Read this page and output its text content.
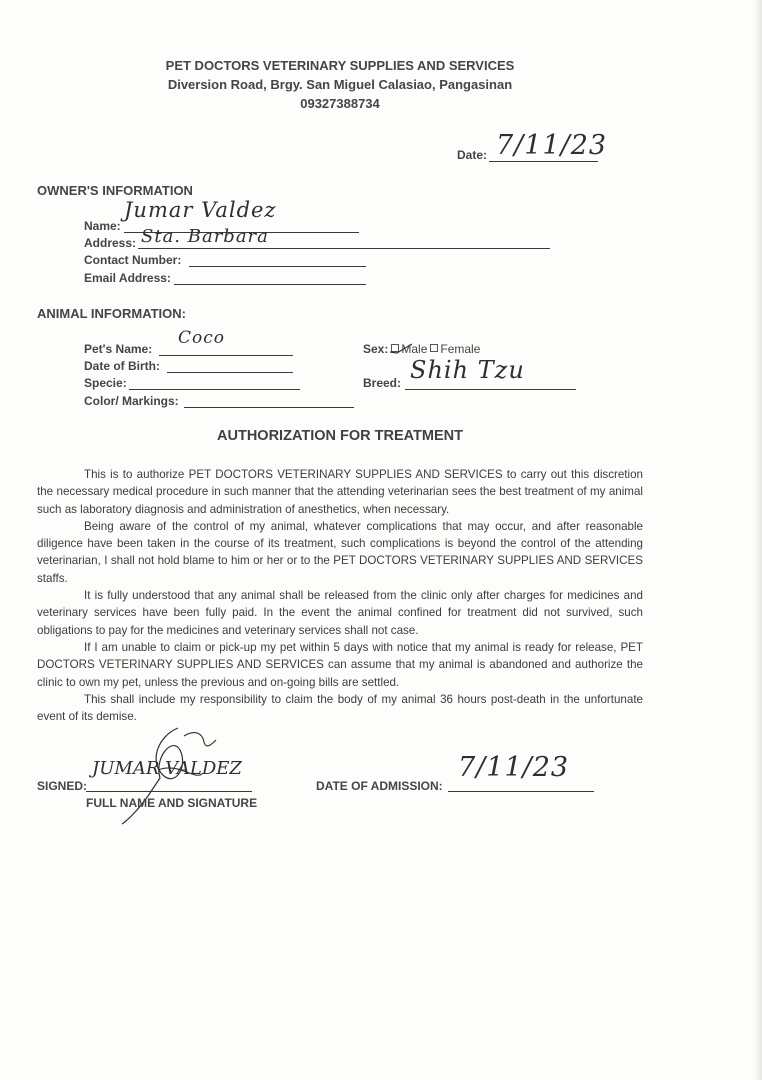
PET DOCTORS VETERINARY SUPPLIES AND SERVICES
Diversion Road, Brgy. San Miguel Calasiao, Pangasinan
09327388734
Date: 7/11/23
OWNER'S INFORMATION
Name:
Jumar Valdez
Address: Sta. Barbara
Contact Number:
Email Address:
ANIMAL INFORMATION:
Pet's Name:
Coco
Date of Birth:
Specie:
Color/ Markings:
Sex: Male Female
Breed: Shih Tzu
AUTHORIZATION FOR TREATMENT

This is to authorize PET DOCTORS VETERINARY SUPPLIES AND SERVICES to carry out this discretion the necessary medical procedure in such manner that the attending veterinarian sees the best treatment of my animal such as laboratory diagnosis and administration of anesthetics, when necessary.

Being aware of the control of my animal, whatever complications that may occur, and after reasonable diligence have been taken in the course of its treatment, such complications is beyond the control of the attending veterinarian, I shall not hold blame to him or her or to the PET DOCTORS VETERINARY SUPPLIES AND SERVICES staffs.

It is fully understood that any animal shall be released from the clinic only after charges for medicines and veterinary services have been fully paid. In the event the animal confined for treatment did not survived, such obligations to pay for the medicines and veterinary services shall not case.

If I am unable to claim or pick-up my pet within 5 days with notice that my animal is ready for release, PET DOCTORS VETERINARY SUPPLIES AND SERVICES can assume that my animal is abandoned and authorize the clinic to own my pet, unless the previous and on-going bills are settled.

This shall include my responsibility to claim the body of my animal 36 hours post-death in the unfortunate event of its demise.

SIGNED:
JUMAR VALDEZ
FULL NAME AND SIGNATURE
DATE OF ADMISSION:
7/11/23
